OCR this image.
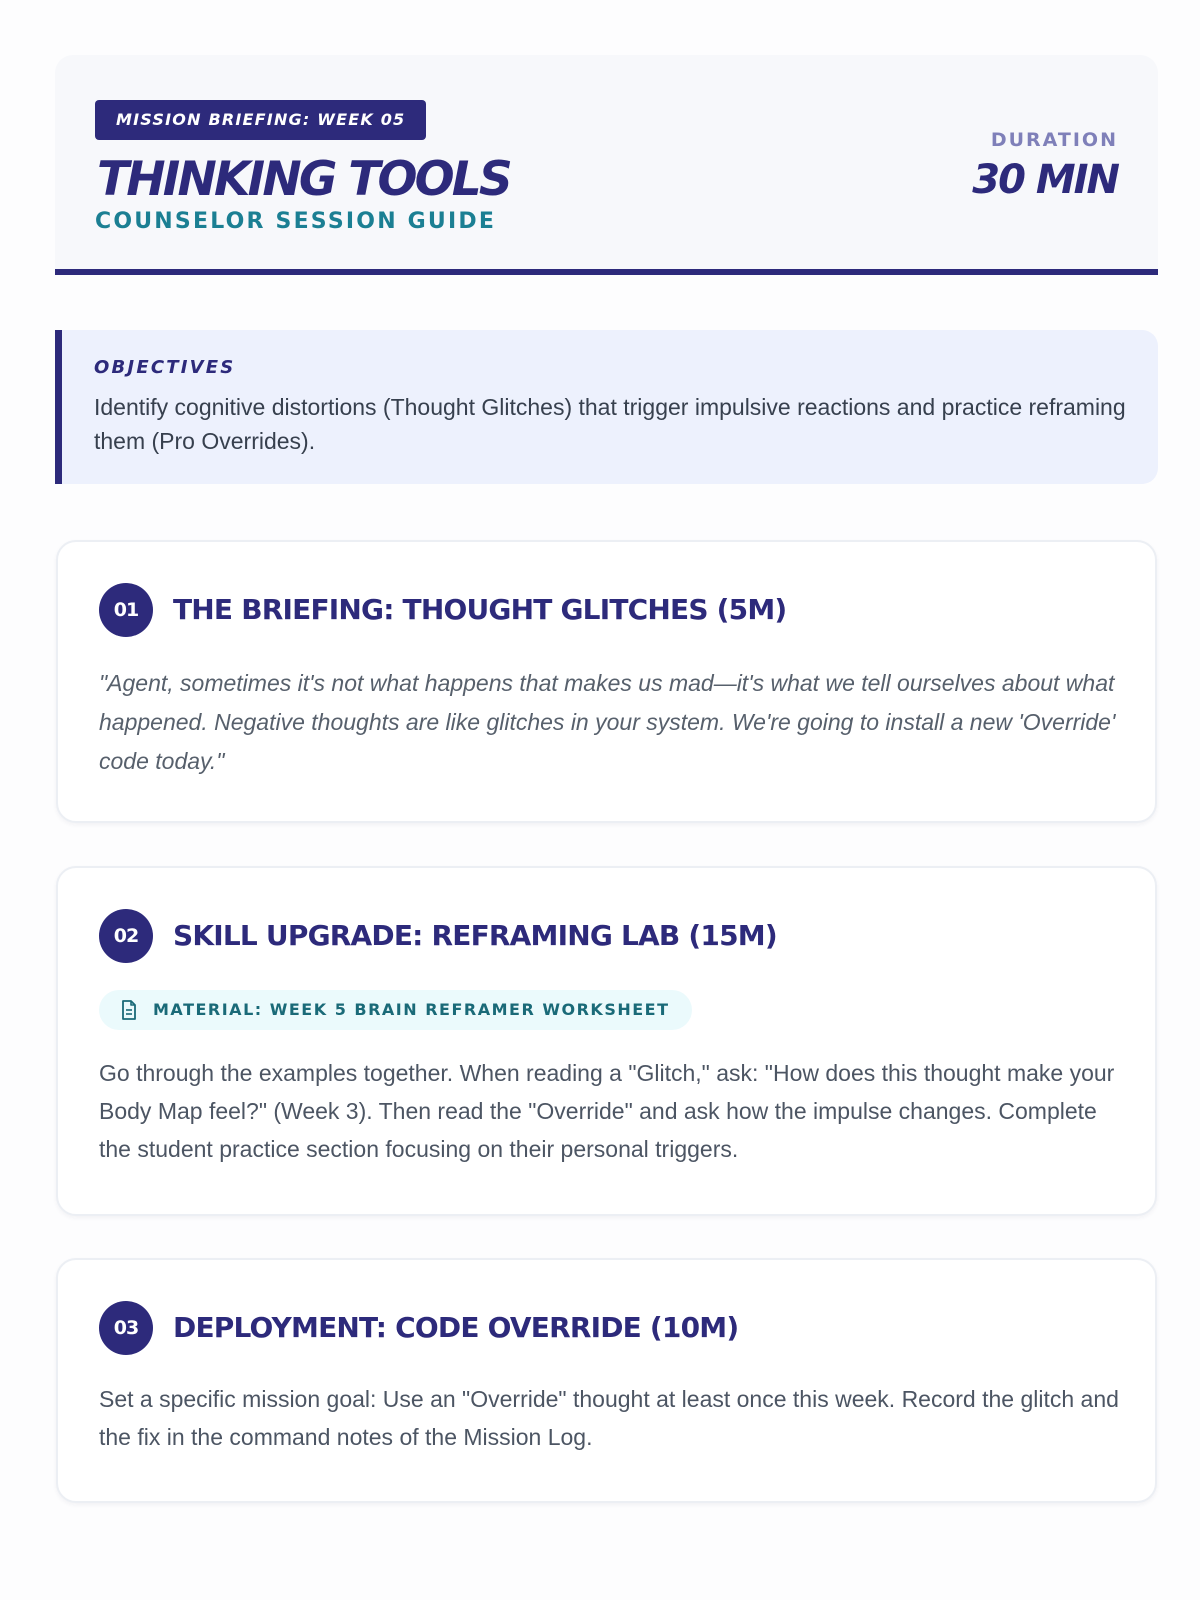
MISSION BRIEFING: WEEK 05
THINKING TOOLS
COUNSELOR SESSION GUIDE
DURATION
30 MIN
OBJECTIVES
Identify cognitive distortions (Thought Glitches) that trigger impulsive reactions and practice reframing them (Pro Overrides).
01	THE BRIEFING: THOUGHT GLITCHES (5M)
"Agent, sometimes it's not what happens that makes us mad—it's what we tell ourselves about what happened. Negative thoughts are like glitches in your system. We're going to install a new 'Override' code today."
02	SKILL UPGRADE: REFRAMING LAB (15M)
MATERIAL: WEEK 5 BRAIN REFRAMER WORKSHEET
Go through the examples together. When reading a "Glitch," ask: "How does this thought make your Body Map feel?" (Week 3). Then read the "Override" and ask how the impulse changes. Complete the student practice section focusing on their personal triggers.
03	DEPLOYMENT: CODE OVERRIDE (10M)
Set a specific mission goal: Use an "Override" thought at least once this week. Record the glitch and the fix in the command notes of the Mission Log.
